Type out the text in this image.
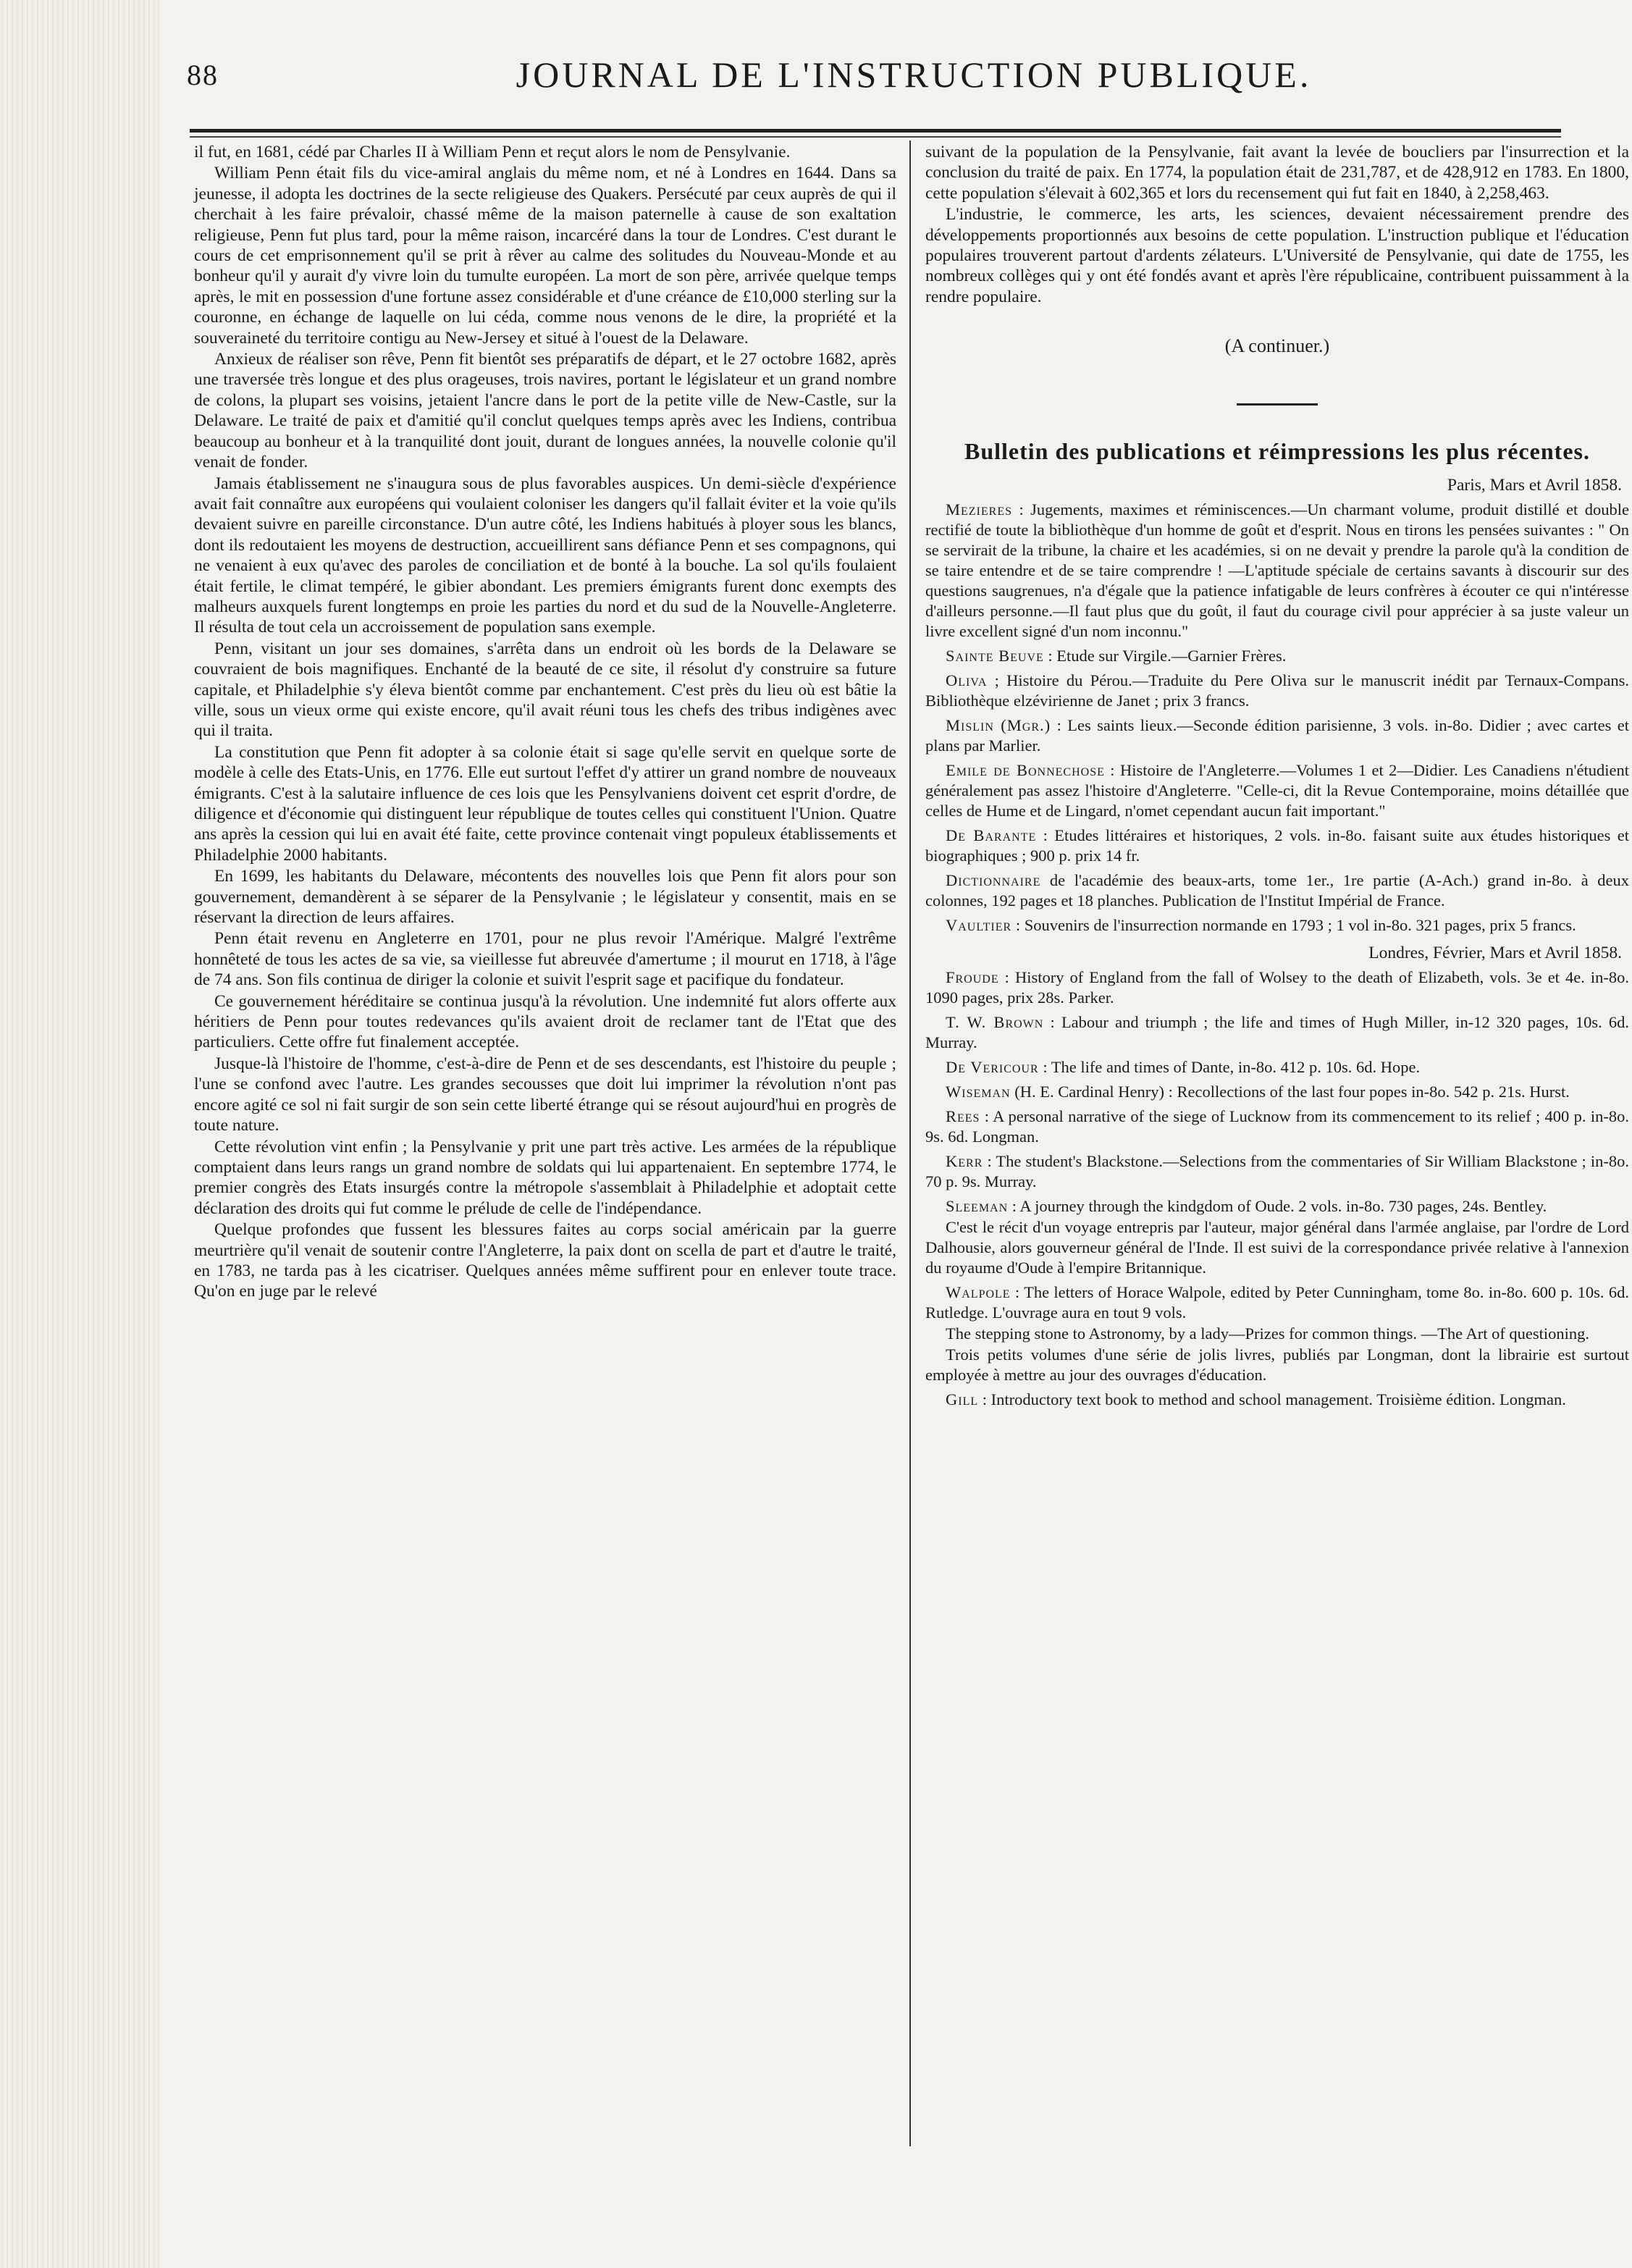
88	JOURNAL DE L'INSTRUCTION PUBLIQUE.

il fut, en 1681, cédé par Charles II à William Penn et reçut alors le nom de Pensylvanie.

William Penn était fils du vice-amiral anglais du même nom, et né à Londres en 1644. Dans sa jeunesse, il adopta les doctrines de la secte religieuse des Quakers. Persécuté par ceux auprès de qui il cherchait à les faire prévaloir, chassé même de la maison paternelle à cause de son exaltation religieuse, Penn fut plus tard, pour la même raison, incarcéré dans la tour de Londres. C'est durant le cours de cet emprisonnement qu'il se prit à rêver au calme des solitudes du Nouveau-Monde et au bonheur qu'il y aurait d'y vivre loin du tumulte européen. La mort de son père, arrivée quelque temps après, le mit en possession d'une fortune assez considérable et d'une créance de £10,000 sterling sur la couronne, en échange de laquelle on lui céda, comme nous venons de le dire, la propriété et la souveraineté du territoire contigu au New-Jersey et situé à l'ouest de la Delaware.

Anxieux de réaliser son rêve, Penn fit bientôt ses préparatifs de départ, et le 27 octobre 1682, après une traversée très longue et des plus orageuses, trois navires, portant le législateur et un grand nombre de colons, la plupart ses voisins, jetaient l'ancre dans le port de la petite ville de New-Castle, sur la Delaware. Le traité de paix et d'amitié qu'il conclut quelques temps après avec les Indiens, contribua beaucoup au bonheur et à la tranquilité dont jouit, durant de longues années, la nouvelle colonie qu'il venait de fonder.

Jamais établissement ne s'inaugura sous de plus favorables auspices. Un demi-siècle d'expérience avait fait connaître aux européens qui voulaient coloniser les dangers qu'il fallait éviter et la voie qu'ils devaient suivre en pareille circonstance. D'un autre côté, les Indiens habitués à ployer sous les blancs, dont ils redoutaient les moyens de destruction, accueillirent sans défiance Penn et ses compagnons, qui ne venaient à eux qu'avec des paroles de conciliation et de bonté à la bouche. La sol qu'ils foulaient était fertile, le climat tempéré, le gibier abondant. Les premiers émigrants furent donc exempts des malheurs auxquels furent longtemps en proie les parties du nord et du sud de la Nouvelle-Angleterre. Il résulta de tout cela un accroissement de population sans exemple.

Penn, visitant un jour ses domaines, s'arrêta dans un endroit où les bords de la Delaware se couvraient de bois magnifiques. Enchanté de la beauté de ce site, il résolut d'y construire sa future capitale, et Philadelphie s'y éleva bientôt comme par enchantement. C'est près du lieu où est bâtie la ville, sous un vieux orme qui existe encore, qu'il avait réuni tous les chefs des tribus indigènes avec qui il traita.

La constitution que Penn fit adopter à sa colonie était si sage qu'elle servit en quelque sorte de modèle à celle des Etats-Unis, en 1776. Elle eut surtout l'effet d'y attirer un grand nombre de nouveaux émigrants. C'est à la salutaire influence de ces lois que les Pensylvaniens doivent cet esprit d'ordre, de diligence et d'économie qui distinguent leur république de toutes celles qui constituent l'Union. Quatre ans après la cession qui lui en avait été faite, cette province contenait vingt populeux établissements et Philadelphie 2000 habitants.

En 1699, les habitants du Delaware, mécontents des nouvelles lois que Penn fit alors pour son gouvernement, demandèrent à se séparer de la Pensylvanie ; le législateur y consentit, mais en se réservant la direction de leurs affaires.

Penn était revenu en Angleterre en 1701, pour ne plus revoir l'Amérique. Malgré l'extrême honnêteté de tous les actes de sa vie, sa vieillesse fut abreuvée d'amertume ; il mourut en 1718, à l'âge de 74 ans. Son fils continua de diriger la colonie et suivit l'esprit sage et pacifique du fondateur.

Ce gouvernement héréditaire se continua jusqu'à la révolution. Une indemnité fut alors offerte aux héritiers de Penn pour toutes redevances qu'ils avaient droit de reclamer tant de l'Etat que des particuliers. Cette offre fut finalement acceptée.

Jusque-là l'histoire de l'homme, c'est-à-dire de Penn et de ses descendants, est l'histoire du peuple ; l'une se confond avec l'autre. Les grandes secousses que doit lui imprimer la révolution n'ont pas encore agité ce sol ni fait surgir de son sein cette liberté étrange qui se résout aujourd'hui en progrès de toute nature.

Cette révolution vint enfin ; la Pensylvanie y prit une part très active. Les armées de la république comptaient dans leurs rangs un grand nombre de soldats qui lui appartenaient. En septembre 1774, le premier congrès des Etats insurgés contre la métropole s'assemblait à Philadelphie et adoptait cette déclaration des droits qui fut comme le prélude de celle de l'indépendance.

Quelque profondes que fussent les blessures faites au corps social américain par la guerre meurtrière qu'il venait de soutenir contre l'Angleterre, la paix dont on scella de part et d'autre le traité, en 1783, ne tarda pas à les cicatriser. Quelques années même suffirent pour en enlever toute trace. Qu'on en juge par le relevé

suivant de la population de la Pensylvanie, fait avant la levée de boucliers par l'insurrection et la conclusion du traité de paix. En 1774, la population était de 231,787, et de 428,912 en 1783. En 1800, cette population s'élevait à 602,365 et lors du recensement qui fut fait en 1840, à 2,258,463.

L'industrie, le commerce, les arts, les sciences, devaient nécessairement prendre des développements proportionnés aux besoins de cette population. L'instruction publique et l'éducation populaires trouverent partout d'ardents zélateurs. L'Université de Pensylvanie, qui date de 1755, les nombreux collèges qui y ont été fondés avant et après l'ère républicaine, contribuent puissamment à la rendre populaire.

(A continuer.)
Bulletin des publications et réimpressions les plus récentes.
Paris, Mars et Avril 1858.

Mezieres : Jugements, maximes et réminiscences.—Un charmant volume, produit distillé et double rectifié de toute la bibliothèque d'un homme de goût et d'esprit. Nous en tirons les pensées suivantes : " On se servirait de la tribune, la chaire et les académies, si on ne devait y prendre la parole qu'à la condition de se taire entendre et de se taire comprendre ! —L'aptitude spéciale de certains savants à discourir sur des questions saugrenues, n'a d'égale que la patience infatigable de leurs confrères à écouter ce qui n'intéresse d'ailleurs personne.—Il faut plus que du goût, il faut du courage civil pour apprécier à sa juste valeur un livre excellent signé d'un nom inconnu."

Sainte Beuve : Etude sur Virgile.—Garnier Frères.

Oliva ; Histoire du Pérou.—Traduite du Pere Oliva sur le manuscrit inédit par Ternaux-Compans. Bibliothèque elzévirienne de Janet ; prix 3 francs.

Mislin (Mgr.) : Les saints lieux.—Seconde édition parisienne, 3 vols. in-8o. Didier ; avec cartes et plans par Marlier.

Emile de Bonnechose : Histoire de l'Angleterre.—Volumes 1 et 2—Didier. Les Canadiens n'étudient généralement pas assez l'histoire d'Angleterre. "Celle-ci, dit la Revue Contemporaine, moins détaillée que celles de Hume et de Lingard, n'omet cependant aucun fait important."

De Barante : Etudes littéraires et historiques, 2 vols. in-8o. faisant suite aux études historiques et biographiques ; 900 p. prix 14 fr.

Dictionnaire de l'académie des beaux-arts, tome 1er., 1re partie (A-Ach.) grand in-8o. à deux colonnes, 192 pages et 18 planches. Publication de l'Institut Impérial de France.

Vaultier : Souvenirs de l'insurrection normande en 1793 ; 1 vol in-8o. 321 pages, prix 5 francs.

Londres, Février, Mars et Avril 1858.

Froude : History of England from the fall of Wolsey to the death of Elizabeth, vols. 3e et 4e. in-8o. 1090 pages, prix 28s. Parker.

T. W. Brown : Labour and triumph ; the life and times of Hugh Miller, in-12 320 pages, 10s. 6d. Murray.

De Vericour : The life and times of Dante, in-8o. 412 p. 10s. 6d. Hope.

Wiseman (H. E. Cardinal Henry) : Recollections of the last four popes in-8o. 542 p. 21s. Hurst.

Rees : A personal narrative of the siege of Lucknow from its commencement to its relief ; 400 p. in-8o. 9s. 6d. Longman.

Kerr : The student's Blackstone.—Selections from the commentaries of Sir William Blackstone ; in-8o. 70 p. 9s. Murray.

Sleeman : A journey through the kindgdom of Oude. 2 vols. in-8o. 730 pages, 24s. Bentley.

C'est le récit d'un voyage entrepris par l'auteur, major général dans l'armée anglaise, par l'ordre de Lord Dalhousie, alors gouverneur général de l'Inde. Il est suivi de la correspondance privée relative à l'annexion du royaume d'Oude à l'empire Britannique.

Walpole : The letters of Horace Walpole, edited by Peter Cunningham, tome 8o. in-8o. 600 p. 10s. 6d. Rutledge. L'ouvrage aura en tout 9 vols.

The stepping stone to Astronomy, by a lady—Prizes for common things. —The Art of questioning.

Trois petits volumes d'une série de jolis livres, publiés par Longman, dont la librairie est surtout employée à mettre au jour des ouvrages d'éducation.

Gill : Introductory text book to method and school management. Troisième édition. Longman.
